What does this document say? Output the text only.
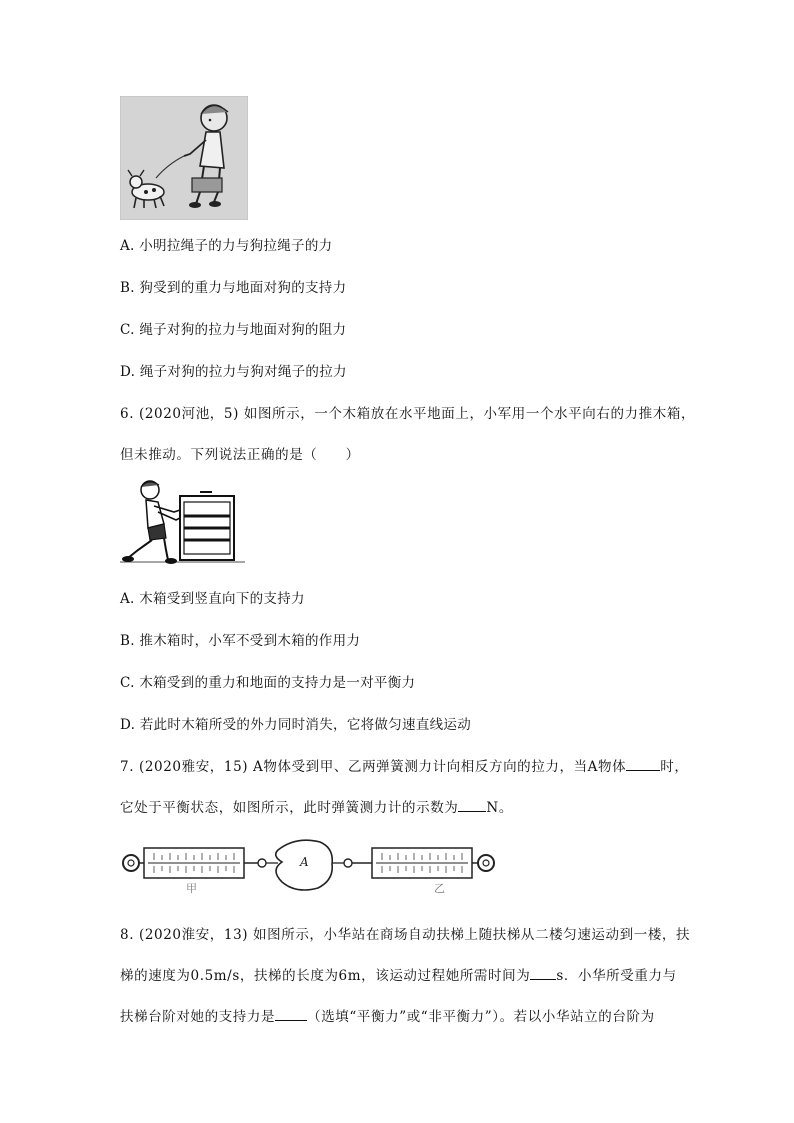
A. 小明拉绳子的力与狗拉绳子的力
B. 狗受到的重力与地面对狗的支持力
C. 绳子对狗的拉力与地面对狗的阻力
D. 绳子对狗的拉力与狗对绳子的拉力
6. (2020河池，5) 如图所示，一个木箱放在水平地面上，小军用一个水平向右的力推木箱，
但未推动。下列说法正确的是（　　）
A. 木箱受到竖直向下的支持力
B. 推木箱时，小军不受到木箱的作用力
C. 木箱受到的重力和地面的支持力是一对平衡力
D. 若此时木箱所受的外力同时消失，它将做匀速直线运动
7. (2020雅安，15) A物体受到甲、乙两弹簧测力计向相反方向的拉力，当A物体	时，
它处于平衡状态，如图所示，此时弹簧测力计的示数为 N。
A
甲	乙
8. (2020淮安，13) 如图所示，小华站在商场自动扶梯上随扶梯从二楼匀速运动到一楼，扶
梯的速度为0.5m/s，扶梯的长度为6m，该运动过程她所需时间为 s．小华所受重力与
扶梯台阶对她的支持力是 （选填“平衡力”或“非平衡力”）。若以小华站立的台阶为
